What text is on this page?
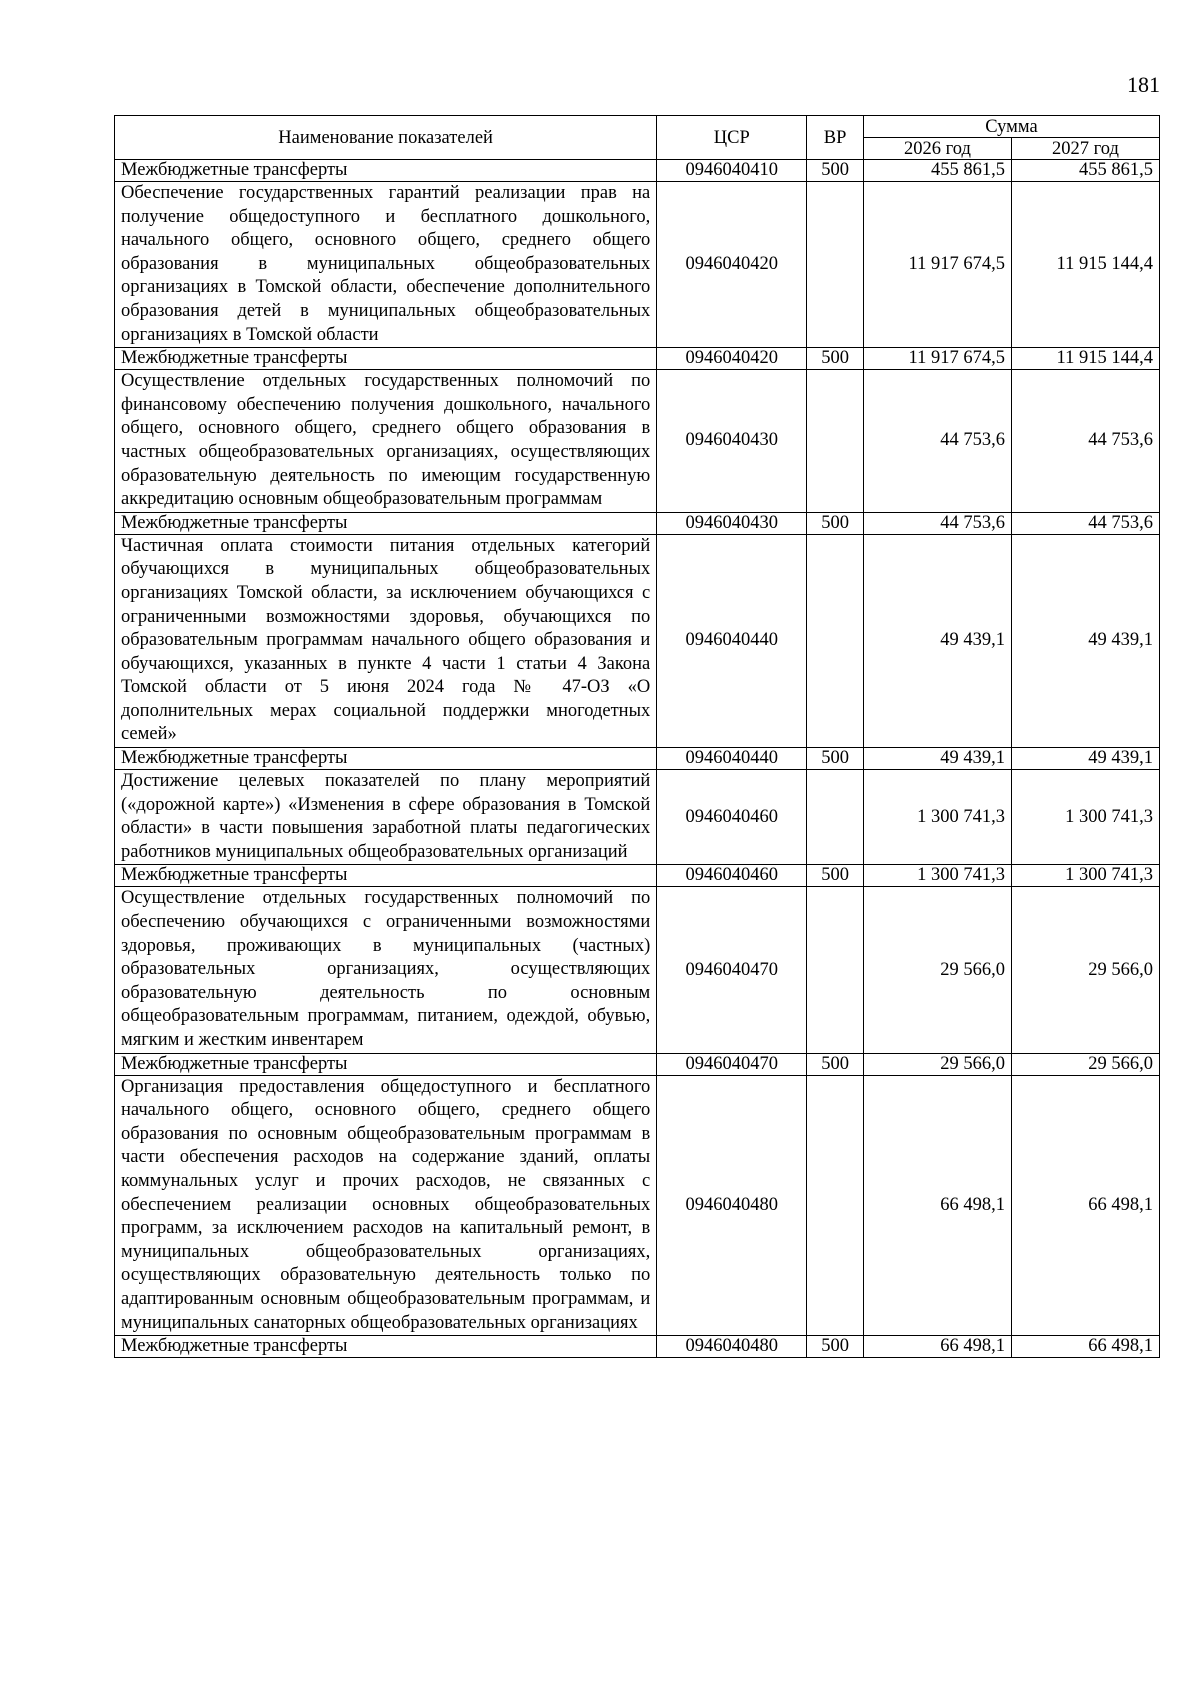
181
Наименование показателей	ЦСР	ВР	Сумма	
			2026 год	2027 год
Межбюджетные трансферты	0946040410	500	455 861,5	455 861,5
Обеспечение государственных гарантий реализации прав на получение общедоступного и бесплатного дошкольного, начального общего, основного общего, среднего общего образования в муниципальных общеобразовательных организациях в Томской области, обеспечение дополнительного образования детей в муниципальных общеобразовательных организациях в Томской области	0946040420		11 917 674,5	11 915 144,4
Межбюджетные трансферты	0946040420	500	11 917 674,5	11 915 144,4
Осуществление отдельных государственных полномочий по финансовому обеспечению получения дошкольного, начального общего, основного общего, среднего общего образования в частных общеобразовательных организациях, осуществляющих образовательную деятельность по имеющим государственную аккредитацию основным общеобразовательным программам	0946040430		44 753,6	44 753,6
Межбюджетные трансферты	0946040430	500	44 753,6	44 753,6
Частичная оплата стоимости питания отдельных категорий обучающихся в муниципальных общеобразовательных организациях Томской области, за исключением обучающихся с ограниченными возможностями здоровья, обучающихся по образовательным программам начального общего образования и обучающихся, указанных в пункте 4 части 1 статьи 4 Закона Томской области от 5 июня 2024 года № 47-ОЗ «О дополнительных мерах социальной поддержки многодетных семей»	0946040440		49 439,1	49 439,1
Межбюджетные трансферты	0946040440	500	49 439,1	49 439,1
Достижение целевых показателей по плану мероприятий («дорожной карте») «Изменения в сфере образования в Томской области» в части повышения заработной платы педагогических работников муниципальных общеобразовательных организаций	0946040460		1 300 741,3	1 300 741,3
Межбюджетные трансферты	0946040460	500	1 300 741,3	1 300 741,3
Осуществление отдельных государственных полномочий по обеспечению обучающихся с ограниченными возможностями здоровья, проживающих в муниципальных (частных) образовательных организациях, осуществляющих образовательную деятельность по основным общеобразовательным программам, питанием, одеждой, обувью, мягким и жестким инвентарем	0946040470		29 566,0	29 566,0
Межбюджетные трансферты	0946040470	500	29 566,0	29 566,0
Организация предоставления общедоступного и бесплатного начального общего, основного общего, среднего общего образования по основным общеобразовательным программам в части обеспечения расходов на содержание зданий, оплаты коммунальных услуг и прочих расходов, не связанных с обеспечением реализации основных общеобразовательных программ, за исключением расходов на капитальный ремонт, в муниципальных общеобразовательных организациях, осуществляющих образовательную деятельность только по адаптированным основным общеобразовательным программам, и муниципальных санаторных общеобразовательных организациях	0946040480		66 498,1	66 498,1
Межбюджетные трансферты	0946040480	500	66 498,1	66 498,1
